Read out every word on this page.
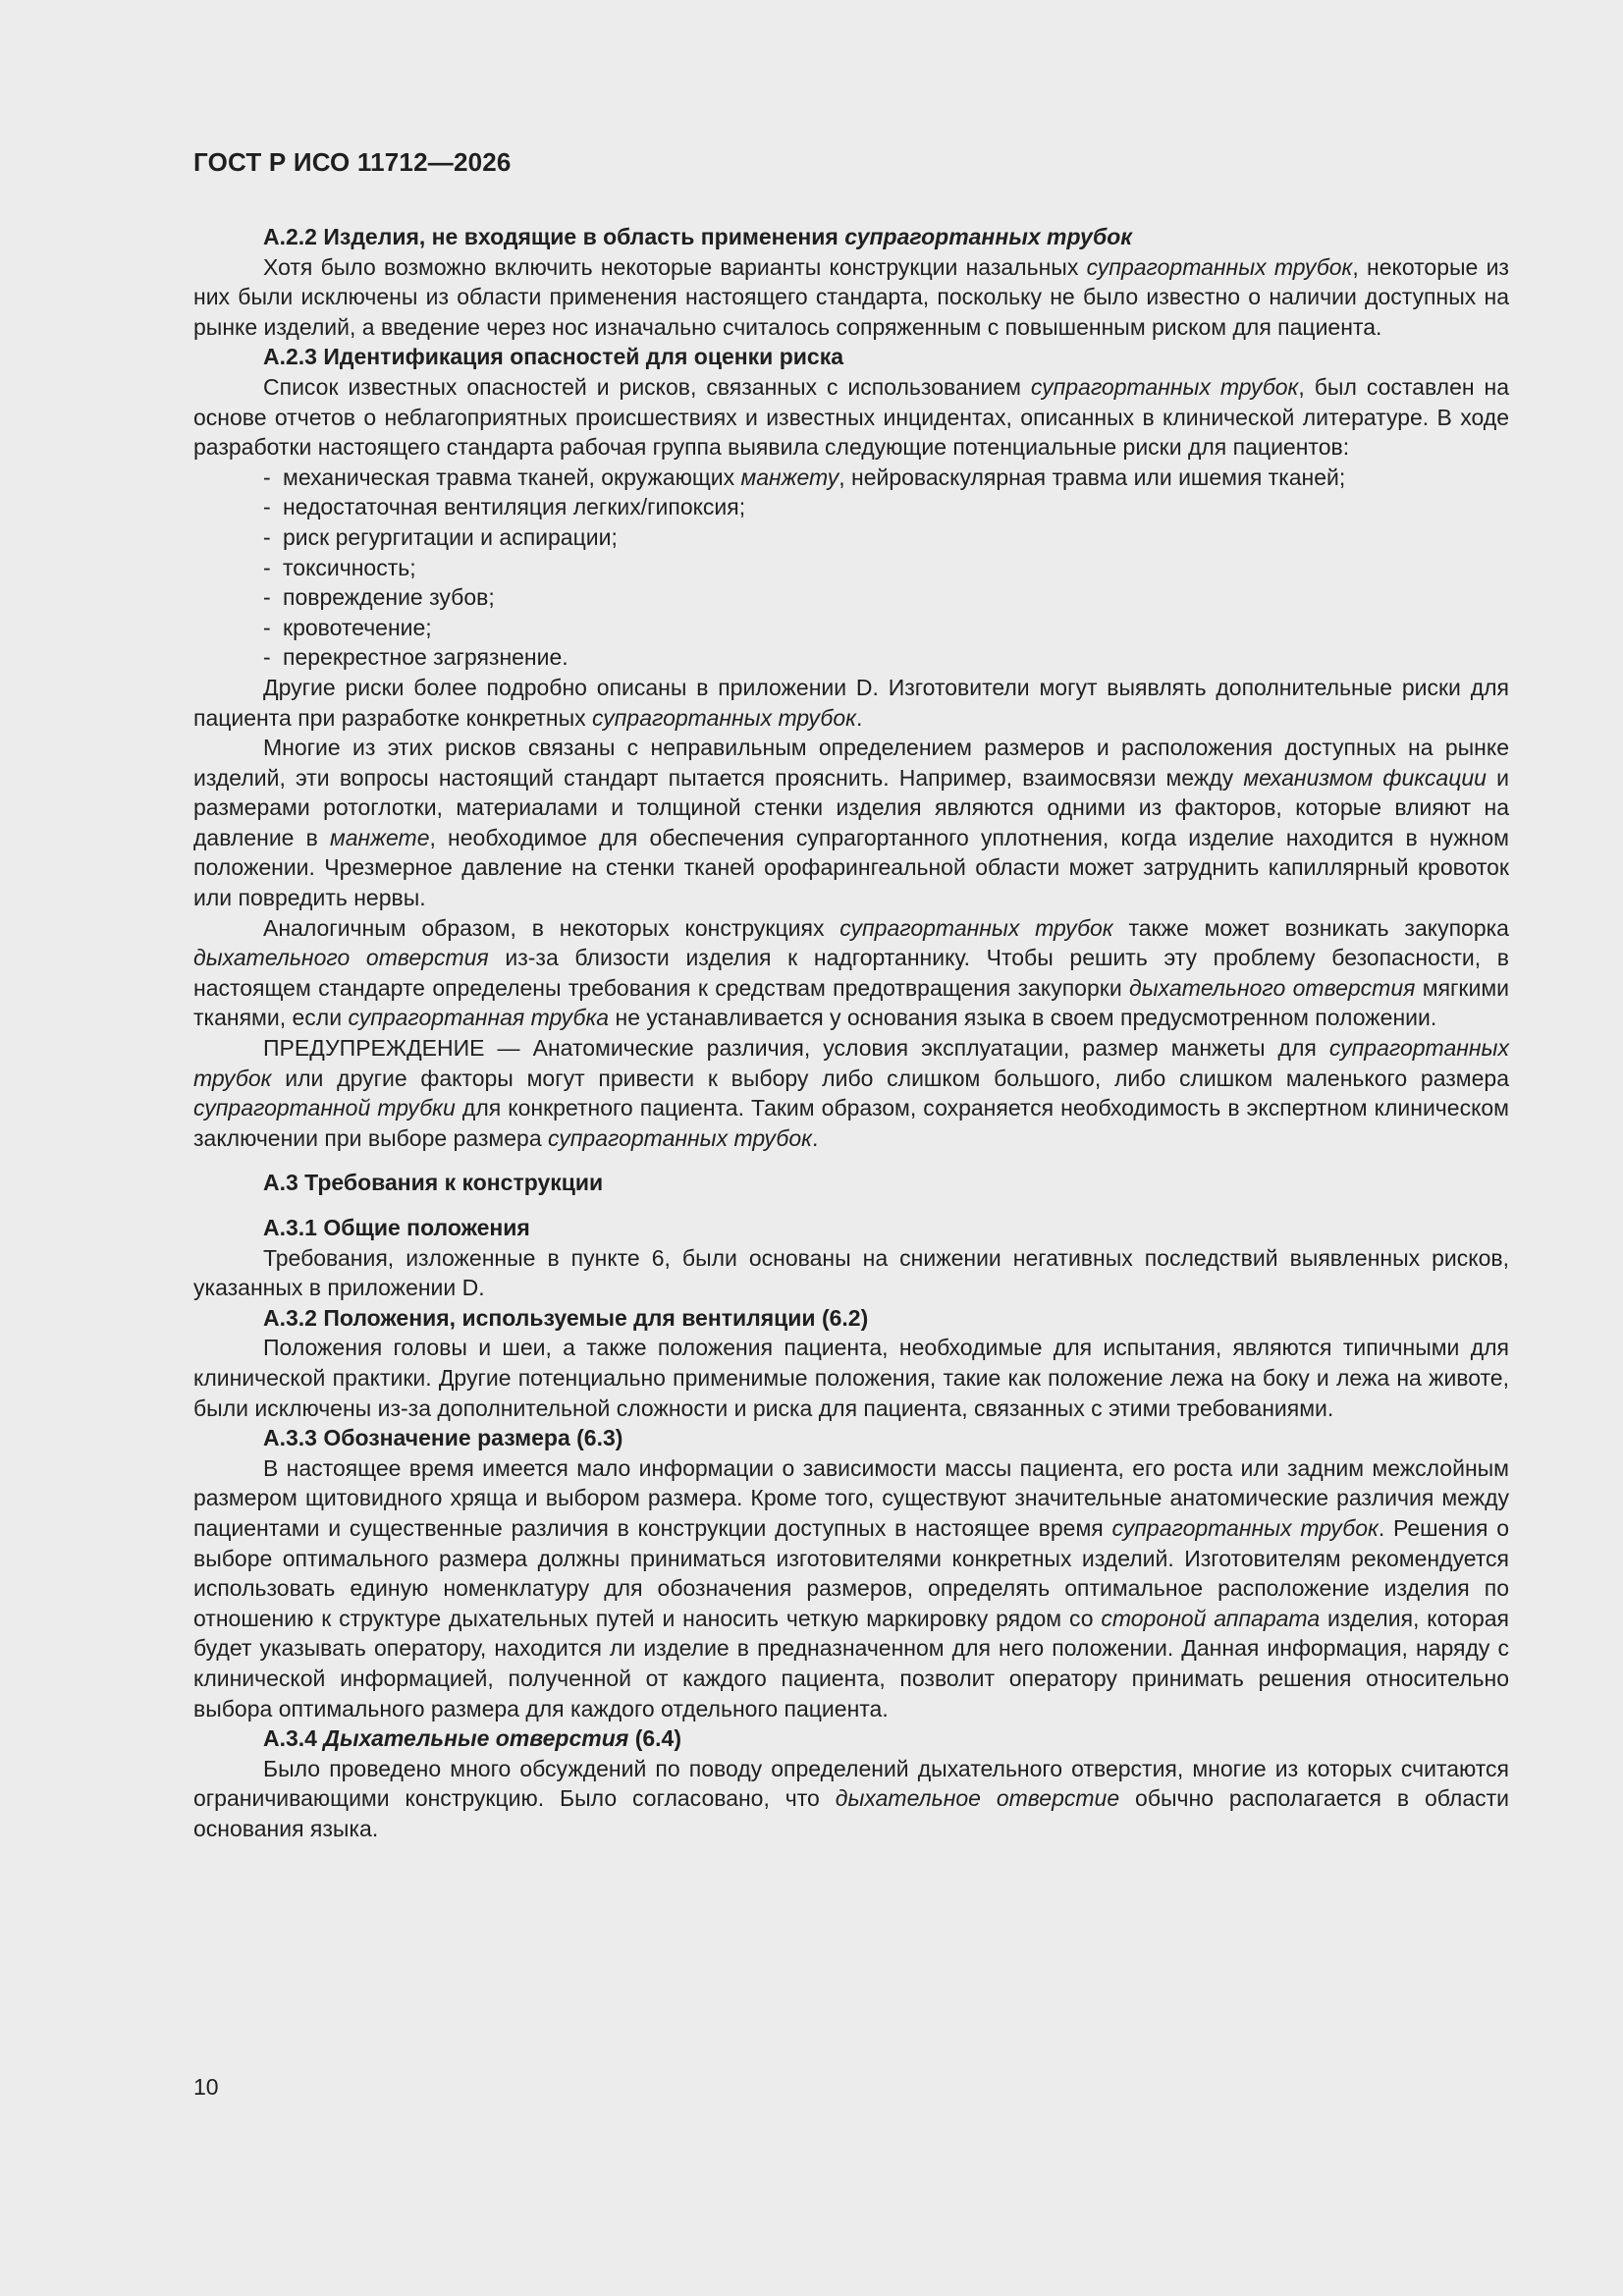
ГОСТ Р ИСО 11712—2026

А.2.2 Изделия, не входящие в область применения супрагортанных трубок

Хотя было возможно включить некоторые варианты конструкции назальных супрагортанных трубок, некоторые из них были исключены из области применения настоящего стандарта, поскольку не было известно о наличии доступных на рынке изделий, а введение через нос изначально считалось сопряженным с повышенным риском для пациента.

А.2.3 Идентификация опасностей для оценки риска

Список известных опасностей и рисков, связанных с использованием супрагортанных трубок, был составлен на основе отчетов о неблагоприятных происшествиях и известных инцидентах, описанных в клинической литературе. В ходе разработки настоящего стандарта рабочая группа выявила следующие потенциальные риски для пациентов:

- механическая травма тканей, окружающих манжету, нейроваскулярная травма или ишемия тканей;
- недостаточная вентиляция легких/гипоксия;
- риск регургитации и аспирации;
- токсичность;
- повреждение зубов;
- кровотечение;
- перекрестное загрязнение.

Другие риски более подробно описаны в приложении D. Изготовители могут выявлять дополнительные риски для пациента при разработке конкретных супрагортанных трубок.

Многие из этих рисков связаны с неправильным определением размеров и расположения доступных на рынке изделий, эти вопросы настоящий стандарт пытается прояснить. Например, взаимосвязи между механизмом фиксации и размерами ротоглотки, материалами и толщиной стенки изделия являются одними из факторов, которые влияют на давление в манжете, необходимое для обеспечения супрагортанного уплотнения, когда изделие находится в нужном положении. Чрезмерное давление на стенки тканей орофарингеальной области может затруднить капиллярный кровоток или повредить нервы.

Аналогичным образом, в некоторых конструкциях супрагортанных трубок также может возникать закупорка дыхательного отверстия из-за близости изделия к надгортаннику. Чтобы решить эту проблему безопасности, в настоящем стандарте определены требования к средствам предотвращения закупорки дыхательного отверстия мягкими тканями, если супрагортанная трубка не устанавливается у основания языка в своем предусмотренном положении.

ПРЕДУПРЕЖДЕНИЕ — Анатомические различия, условия эксплуатации, размер манжеты для супрагортанных трубок или другие факторы могут привести к выбору либо слишком большого, либо слишком маленького размера супрагортанной трубки для конкретного пациента. Таким образом, сохраняется необходимость в экспертном клиническом заключении при выборе размера супрагортанных трубок.

А.3 Требования к конструкции

А.3.1 Общие положения

Требования, изложенные в пункте 6, были основаны на снижении негативных последствий выявленных рисков, указанных в приложении D.

А.3.2 Положения, используемые для вентиляции (6.2)

Положения головы и шеи, а также положения пациента, необходимые для испытания, являются типичными для клинической практики. Другие потенциально применимые положения, такие как положение лежа на боку и лежа на животе, были исключены из-за дополнительной сложности и риска для пациента, связанных с этими требованиями.

А.3.3 Обозначение размера (6.3)

В настоящее время имеется мало информации о зависимости массы пациента, его роста или задним межслойным размером щитовидного хряща и выбором размера. Кроме того, существуют значительные анатомические различия между пациентами и существенные различия в конструкции доступных в настоящее время супрагортанных трубок. Решения о выборе оптимального размера должны приниматься изготовителями конкретных изделий. Изготовителям рекомендуется использовать единую номенклатуру для обозначения размеров, определять оптимальное расположение изделия по отношению к структуре дыхательных путей и наносить четкую маркировку рядом со стороной аппарата изделия, которая будет указывать оператору, находится ли изделие в предназначенном для него положении. Данная информация, наряду с клинической информацией, полученной от каждого пациента, позволит оператору принимать решения относительно выбора оптимального размера для каждого отдельного пациента.

А.3.4 Дыхательные отверстия (6.4)

Было проведено много обсуждений по поводу определений дыхательного отверстия, многие из которых считаются ограничивающими конструкцию. Было согласовано, что дыхательное отверстие обычно располагается в области основания языка.

10
